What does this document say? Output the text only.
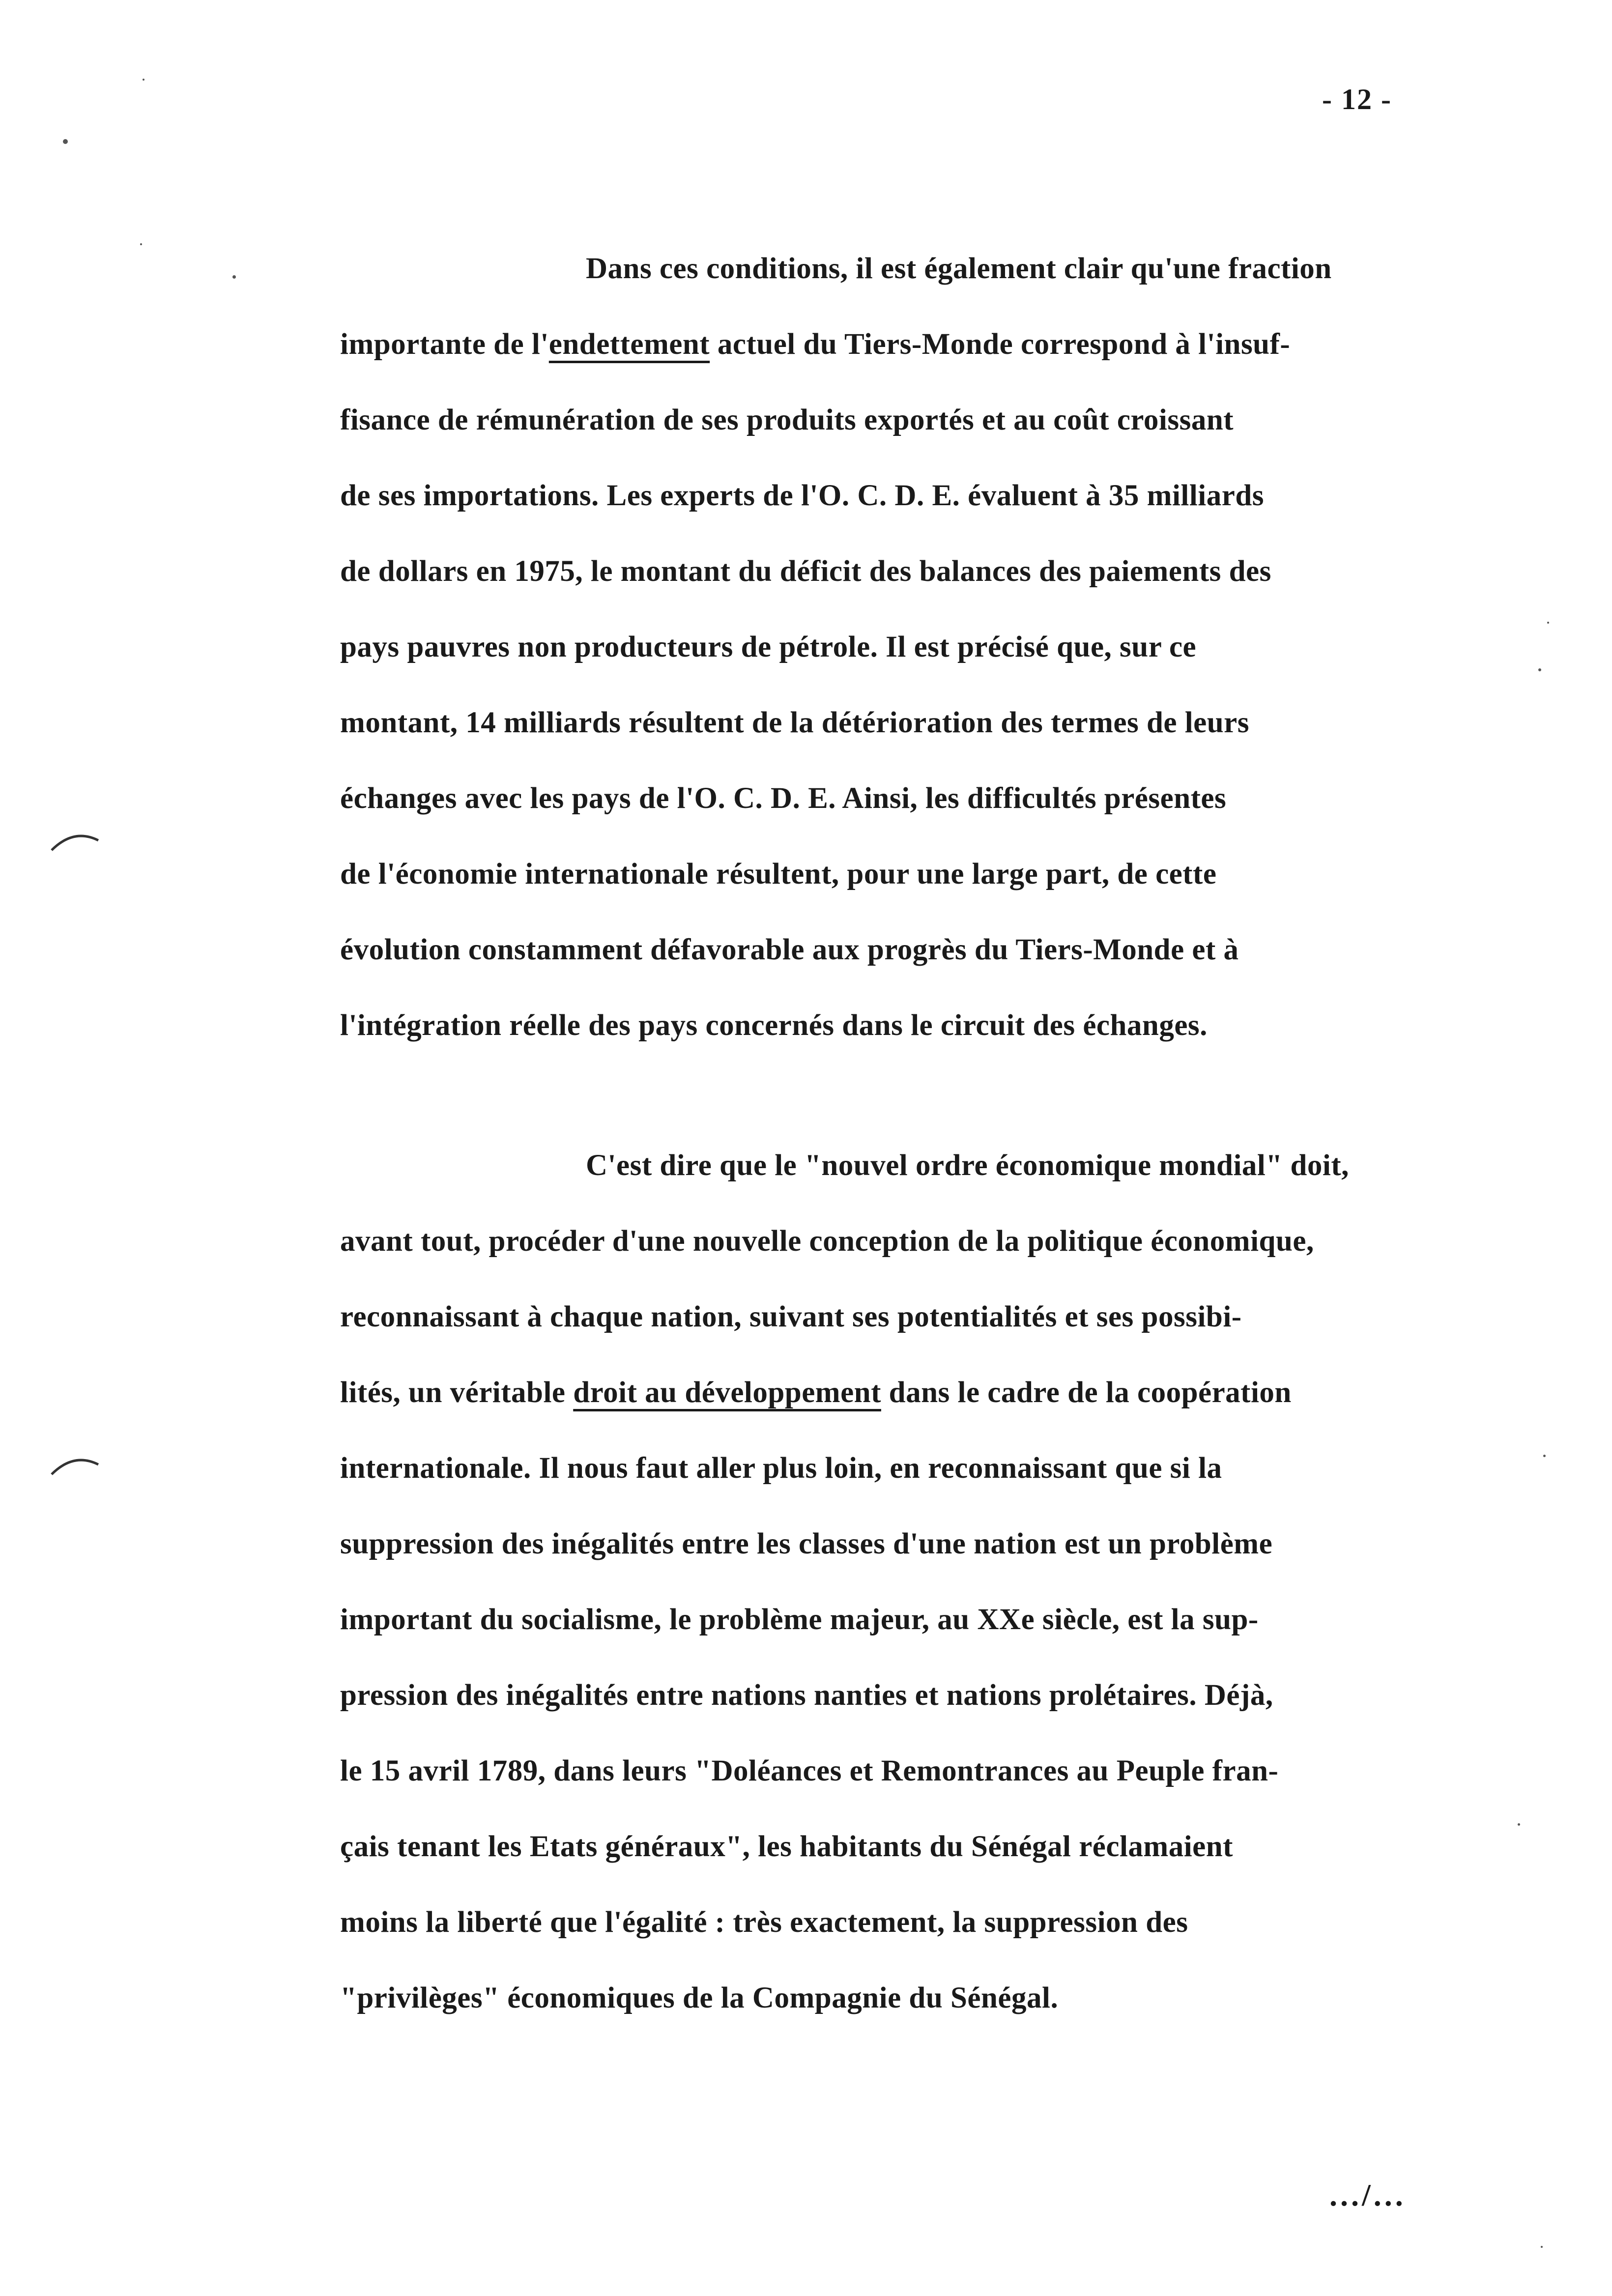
- 12 -
Dans ces conditions, il est également clair qu'une fraction
importante de l'endettement actuel du Tiers-Monde correspond à l'insuf-
fisance de rémunération de ses produits exportés et au coût croissant
de ses importations. Les experts de l'O. C. D. E. évaluent à 35 milliards
de dollars en 1975, le montant du déficit des balances des paiements des
pays pauvres non producteurs de pétrole. Il est précisé que, sur ce
montant, 14 milliards résultent de la détérioration des termes de leurs
échanges avec les pays de l'O. C. D. E. Ainsi, les difficultés présentes
de l'économie internationale résultent, pour une large part, de cette
évolution constamment défavorable aux progrès du Tiers-Monde et à
l'intégration réelle des pays concernés dans le circuit des échanges.
C'est dire que le "nouvel ordre économique mondial" doit,
avant tout, procéder d'une nouvelle conception de la politique économique,
reconnaissant à chaque nation, suivant ses potentialités et ses possibi-
lités, un véritable droit au développement dans le cadre de la coopération
internationale. Il nous faut aller plus loin, en reconnaissant que si la
suppression des inégalités entre les classes d'une nation est un problème
important du socialisme, le problème majeur, au XXe siècle, est la sup-
pression des inégalités entre nations nanties et nations prolétaires. Déjà,
le 15 avril 1789, dans leurs "Doléances et Remontrances au Peuple fran-
çais tenant les Etats généraux", les habitants du Sénégal réclamaient
moins la liberté que l'égalité : très exactement, la suppression des
"privilèges" économiques de la Compagnie du Sénégal.
.../...
